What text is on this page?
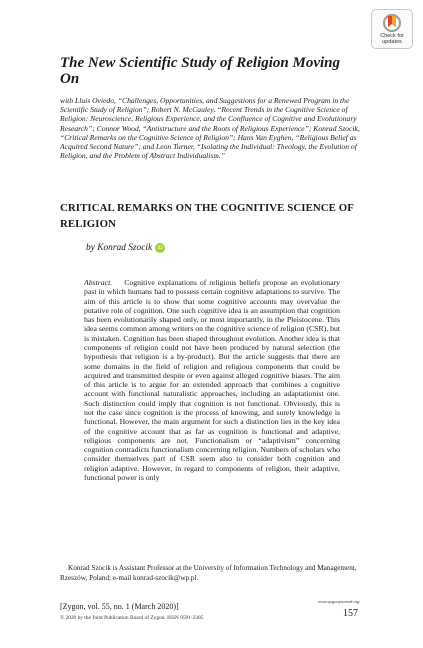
Check for
updates
The New Scientific Study of Religion Moving On

with Lluis Oviedo, “Challenges, Opportunities, and Suggestions for a Renewed Program in the Scientific Study of Religion”; Robert N. McCauley, “Recent Trends in the Cognitive Science of Religion: Neuroscience, Religious Experience, and the Confluence of Cognitive and Evolutionary Research”; Connor Wood, “Antistructure and the Roots of Religious Experience”; Konrad Szocik, “Critical Remarks on the Cognitive Science of Religion”; Hans Van Eyghen, “Religious Belief as Acquired Second Nature”; and Leon Turner, “Isolating the Individual: Theology, the Evolution of Religion, and the Problem of Abstract Individualism.”

CRITICAL REMARKS ON THE COGNITIVE SCIENCE OF RELIGION
by Konrad Szocik iD

Abstract. Cognitive explanations of religious beliefs propose an evolutionary past in which humans had to possess certain cognitive adaptations to survive. The aim of this article is to show that some cognitive accounts may overvalue the putative role of cognition. One such cognitive idea is an assumption that cognition has been evolutionarily shaped only, or most importantly, in the Pleistocene. This idea seems common among writers on the cognitive science of religion (CSR), but is mistaken. Cognition has been shaped throughout evolution. Another idea is that components of religion could not have been produced by natural selection (the hypothesis that religion is a by-product). But the article suggests that there are some domains in the field of religion and religious components that could be acquired and transmitted despite or even against alleged cognitive biases. The aim of this article is to argue for an extended approach that combines a cognitive account with functional naturalistic approaches, including an adaptationist one. Such distinction could imply that cognition is not functional. Obviously, this is not the case since cognition is the process of knowing, and surely knowledge is functional. However, the main argument for such a distinction lies in the key idea of the cognitive account that as far as cognition is functional and adaptive, religious components are not. Functionalism or “adaptivism” concerning cognition contradicts functionalism concerning religion. Numbers of scholars who consider themselves part of CSR seem also to consider both cognition and religion adaptive. However, in regard to components of religion, their adaptive, functional power is only

Konrad Szocik is Assistant Professor at the University of Information Technology and Management, Rzeszów, Poland; e-mail konrad-szocik@wp.pl.

[Zygon, vol. 55, no. 1 (March 2020)]
© 2020 by the Joint Publication Board of Zygon. ISSN 0591-2385
www.zygonjournal.org
157
